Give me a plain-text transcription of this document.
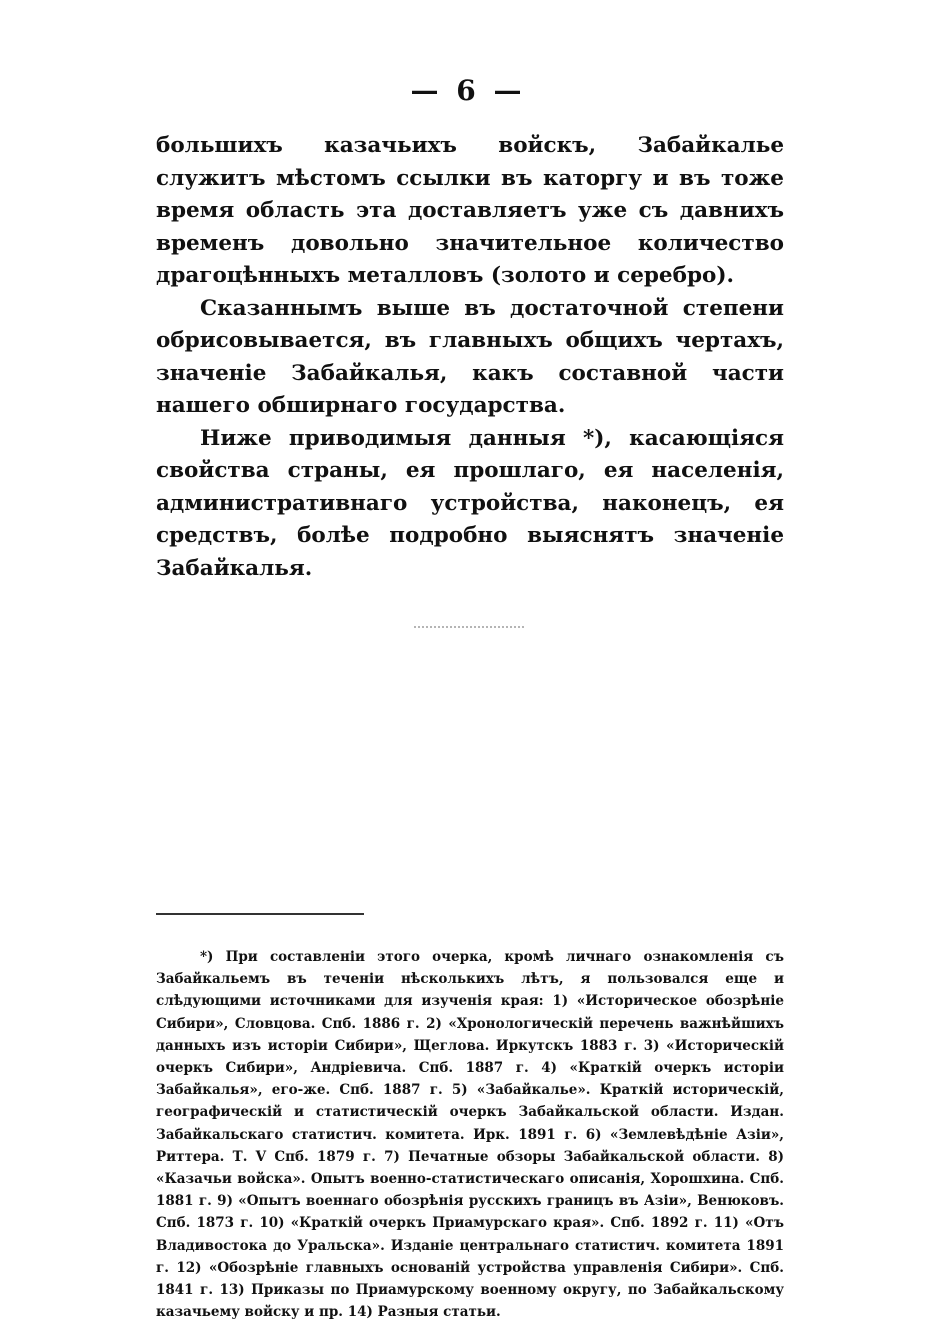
— 6 —

большихъ казачьихъ войскъ, Забайкалье служитъ мѣстомъ ссылки въ каторгу и въ тоже время область эта доставляетъ уже съ давнихъ временъ довольно значительное количество драгоцѣнныхъ металловъ (золото и серебро).

Сказаннымъ выше въ достаточной степени обрисовывается, въ главныхъ общихъ чертахъ, значенiе Забайкалья, какъ составной части нашего обширнаго государства.

Ниже приводимыя данныя *), касающiяся свойства страны, ея прошлаго, ея населенiя, административнаго устройства, наконецъ, ея средствъ, болѣе подробно выяснятъ значенiе Забайкалья.

*) При составленiи этого очерка, кромѣ личнаго ознакомленiя съ Забайкальемъ въ теченiи нѣсколькихъ лѣтъ, я пользовался еще и слѣдующими источниками для изученiя края: 1) «Историческое обозрѣнiе Сибири», Словцова. Спб. 1886 г. 2) «Хронологическiй перечень важнѣйшихъ данныхъ изъ исторiи Сибири», Щеглова. Иркутскъ 1883 г. 3) «Историческiй очеркъ Сибири», Андрiевича. Спб. 1887 г. 4) «Краткiй очеркъ исторiи Забайкалья», его-же. Спб. 1887 г. 5) «Забайкалье». Краткiй историческiй, географическiй и статистическiй очеркъ Забайкальской области. Издан. Забайкальскаго статистич. комитета. Ирк. 1891 г. 6) «Землевѣдѣнiе Азiи», Риттера. Т. V Спб. 1879 г. 7) Печатные обзоры Забайкальской области. 8) «Казачьи войска». Опытъ военно-статистическаго описанiя, Хорошхина. Спб. 1881 г. 9) «Опытъ военнаго обозрѣнiя русскихъ границъ въ Азiи», Венюковъ. Спб. 1873 г. 10) «Краткiй очеркъ Приамурскаго края». Спб. 1892 г. 11) «Отъ Владивостока до Уральска». Изданiе центральнаго статистич. комитета 1891 г. 12) «Обозрѣнiе главныхъ основанiй устройства управленiя Сибири». Спб. 1841 г. 13) Приказы по Приамурскому военному округу, по Забайкальскому казачьему войску и пр. 14) Разныя статьи.
